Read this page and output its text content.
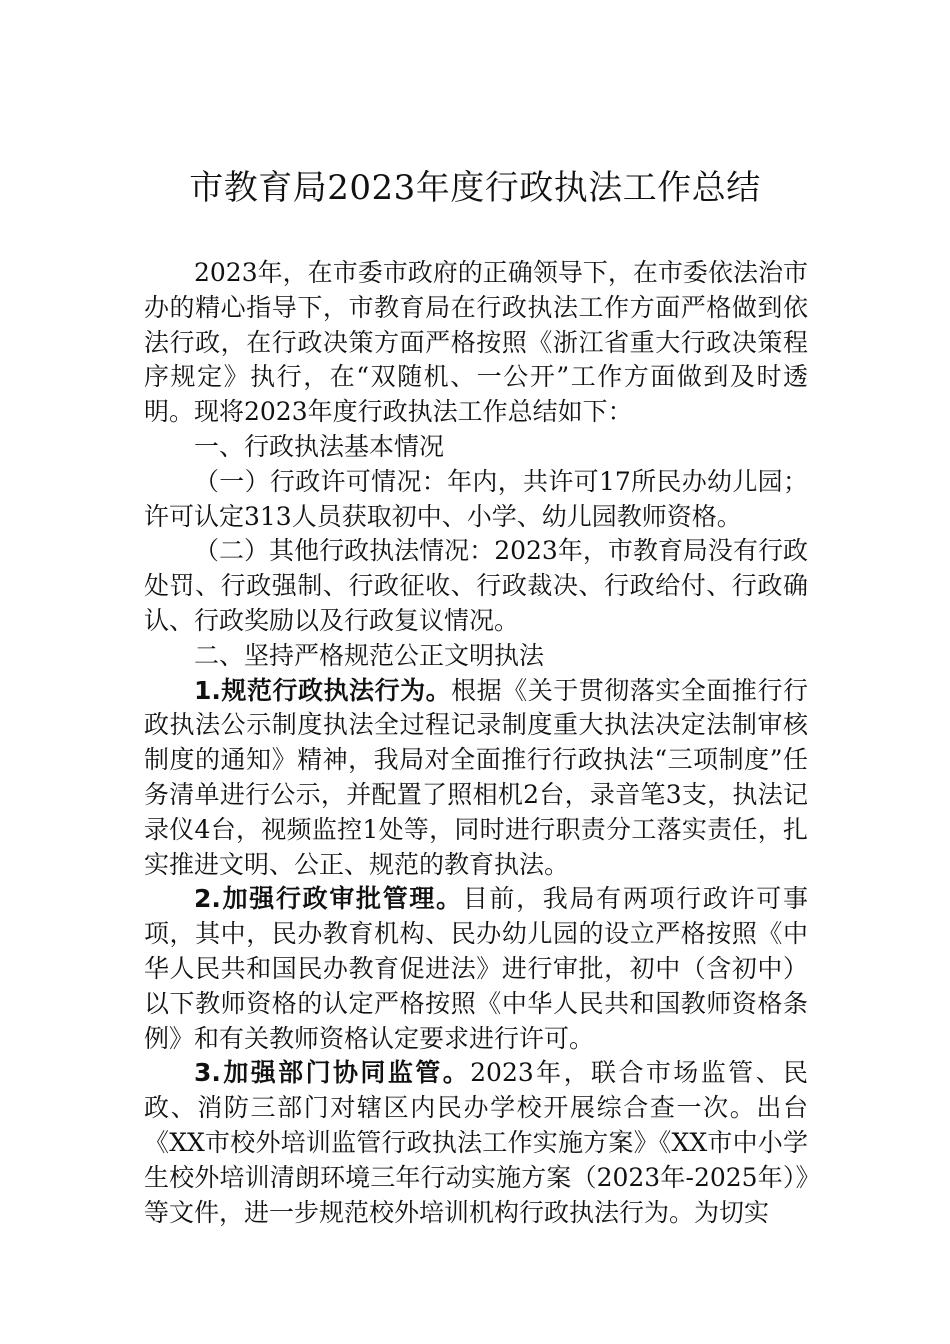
市教育局2023年度行政执法工作总结

2023年，在市委市政府的正确领导下，在市委依法治市办的精心指导下，市教育局在行政执法工作方面严格做到依法行政，在行政决策方面严格按照《浙江省重大行政决策程序规定》执行，在“双随机、一公开”工作方面做到及时透明。现将2023年度行政执法工作总结如下：

一、行政执法基本情况

（一）行政许可情况：年内，共许可17所民办幼儿园；许可认定313人员获取初中、小学、幼儿园教师资格。

（二）其他行政执法情况：2023年，市教育局没有行政处罚、行政强制、行政征收、行政裁决、行政给付、行政确认、行政奖励以及行政复议情况。

二、坚持严格规范公正文明执法

1.规范行政执法行为。根据《关于贯彻落实全面推行行政执法公示制度执法全过程记录制度重大执法决定法制审核制度的通知》精神，我局对全面推行行政执法“三项制度”任务清单进行公示，并配置了照相机2台，录音笔3支，执法记录仪4台，视频监控1处等，同时进行职责分工落实责任，扎实推进文明、公正、规范的教育执法。

2.加强行政审批管理。目前，我局有两项行政许可事项，其中，民办教育机构、民办幼儿园的设立严格按照《中华人民共和国民办教育促进法》进行审批，初中（含初中）以下教师资格的认定严格按照《中华人民共和国教师资格条例》和有关教师资格认定要求进行许可。

3.加强部门协同监管。2023年，联合市场监管、民政、消防三部门对辖区内民办学校开展综合查一次。出台《XX市校外培训监管行政执法工作实施方案》《XX市中小学生校外培训清朗环境三年行动实施方案（2023年-2025年）》等文件，进一步规范校外培训机构行政执法行为。为切实
